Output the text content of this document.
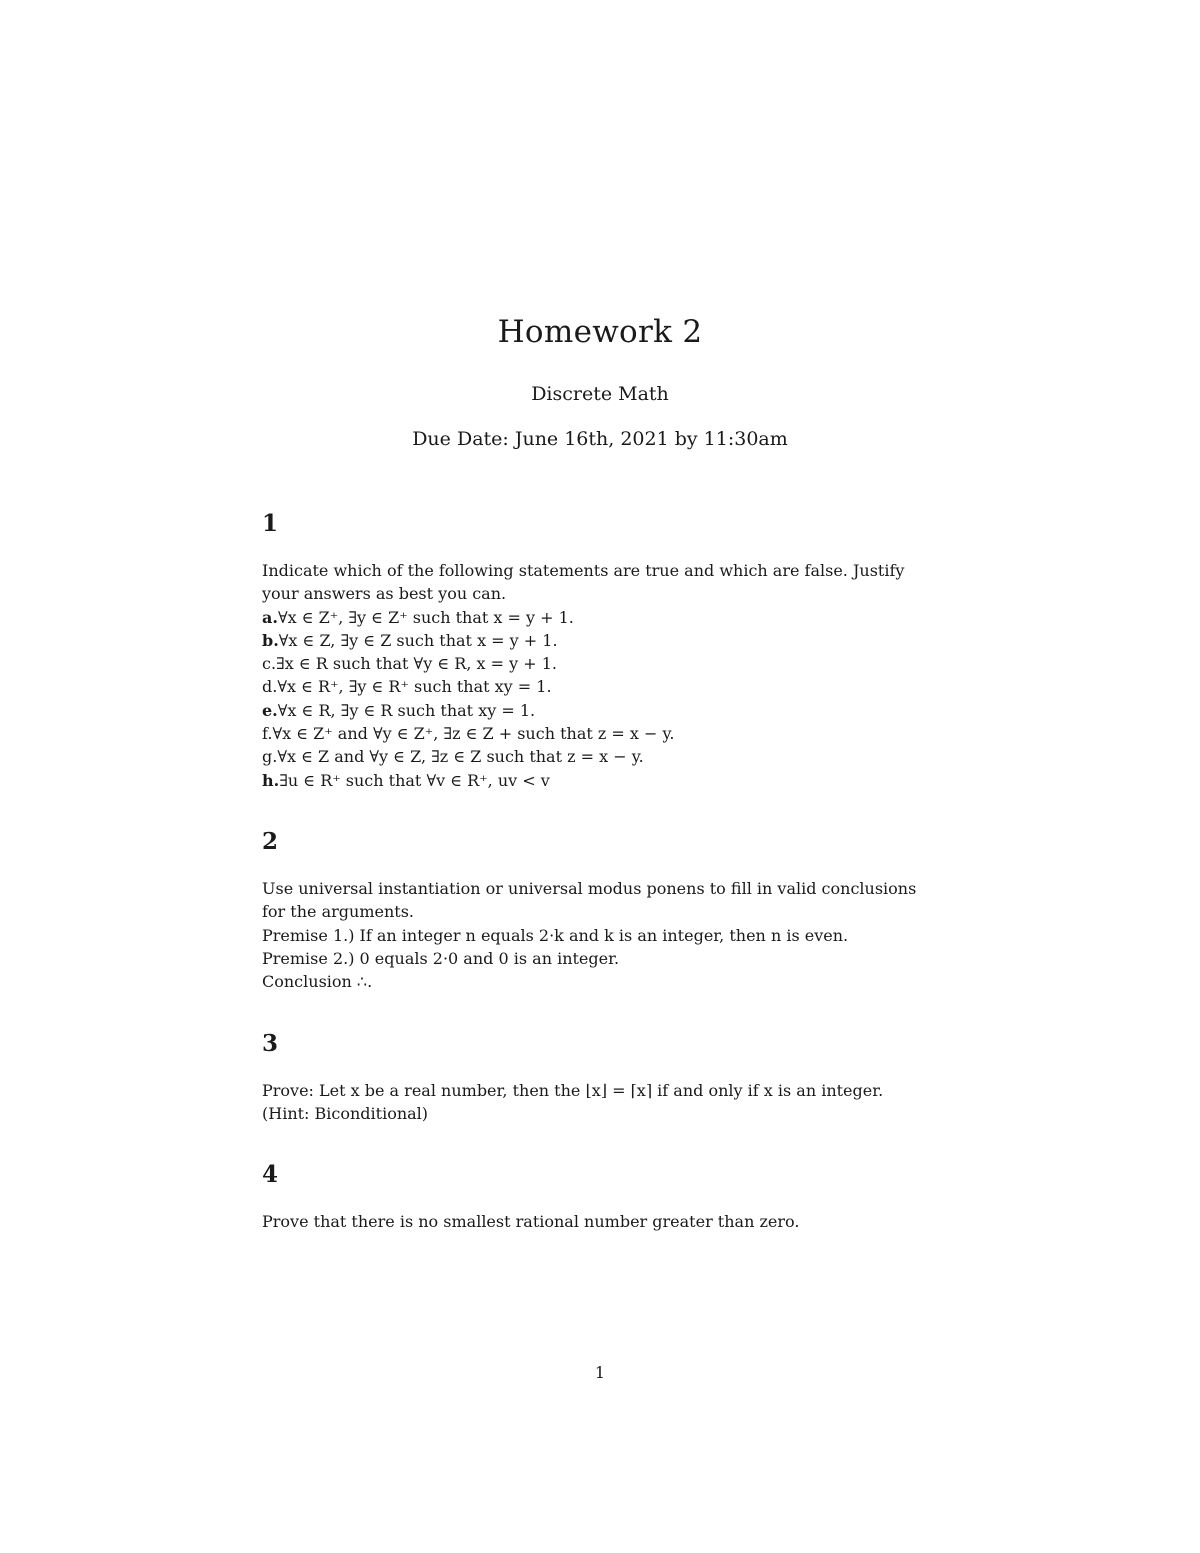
Homework 2
Discrete Math
Due Date: June 16th, 2021 by 11:30am
1
Indicate which of the following statements are true and which are false. Justify
your answers as best you can.
a.∀x ∈ Z⁺, ∃y ∈ Z⁺ such that x = y + 1.
b.∀x ∈ Z, ∃y ∈ Z such that x = y + 1.
c.∃x ∈ R such that ∀y ∈ R, x = y + 1.
d.∀x ∈ R⁺, ∃y ∈ R⁺ such that xy = 1.
e.∀x ∈ R, ∃y ∈ R such that xy = 1.
f.∀x ∈ Z⁺ and ∀y ∈ Z⁺, ∃z ∈ Z + such that z = x − y.
g.∀x ∈ Z and ∀y ∈ Z, ∃z ∈ Z such that z = x − y.
h.∃u ∈ R⁺ such that ∀v ∈ R⁺, uv < v
2
Use universal instantiation or universal modus ponens to fill in valid conclusions
for the arguments.
Premise 1.) If an integer n equals 2·k and k is an integer, then n is even.
Premise 2.) 0 equals 2·0 and 0 is an integer.
Conclusion ∴.
3
Prove: Let x be a real number, then the ⌊x⌋ = ⌈x⌉ if and only if x is an integer.
(Hint: Biconditional)
4
Prove that there is no smallest rational number greater than zero.
1
